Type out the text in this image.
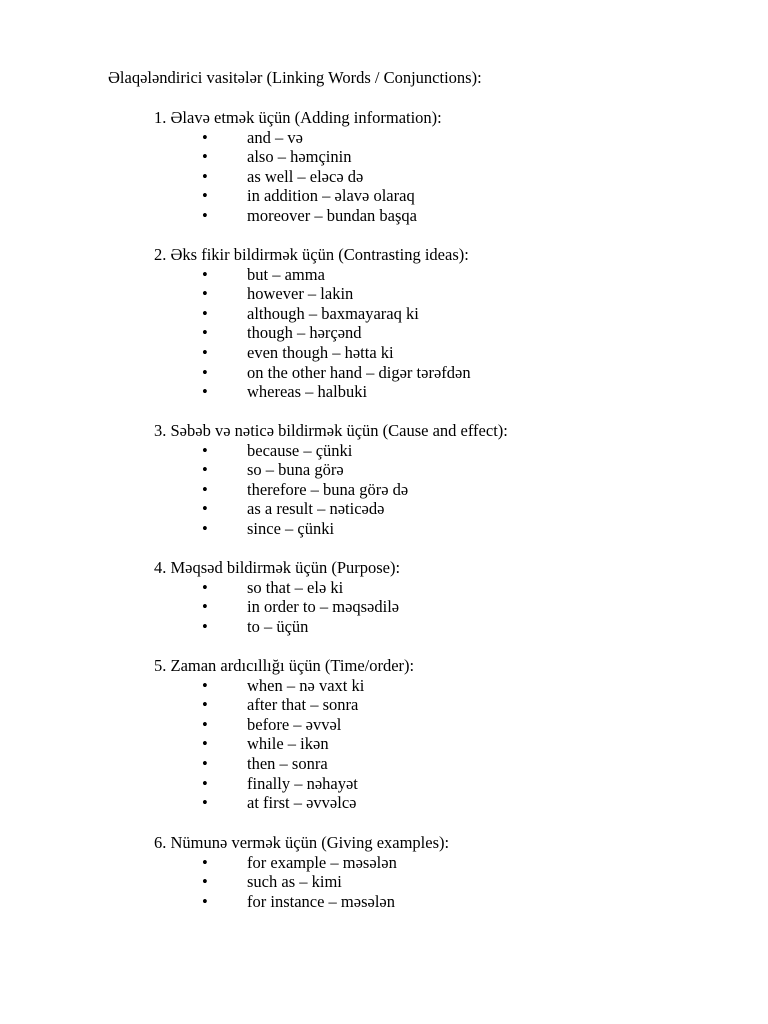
Əlaqələndirici vasitələr (Linking Words / Conjunctions):
1. Əlavə etmək üçün (Adding information):
• and – və
• also – həmçinin
• as well – eləcə də
• in addition – əlavə olaraq
• moreover – bundan başqa
2. Əks fikir bildirmək üçün (Contrasting ideas):
• but – amma
• however – lakin
• although – baxmayaraq ki
• though – hərçənd
• even though – hətta ki
• on the other hand – digər tərəfdən
• whereas – halbuki
3. Səbəb və nəticə bildirmək üçün (Cause and effect):
• because – çünki
• so – buna görə
• therefore – buna görə də
• as a result – nəticədə
• since – çünki
4. Məqsəd bildirmək üçün (Purpose):
• so that – elə ki
• in order to – məqsədilə
• to – üçün
5. Zaman ardıcıllığı üçün (Time/order):
• when – nə vaxt ki
• after that – sonra
• before – əvvəl
• while – ikən
• then – sonra
• finally – nəhayət
• at first – əvvəlcə
6. Nümunə vermək üçün (Giving examples):
• for example – məsələn
• such as – kimi
• for instance – məsələn
